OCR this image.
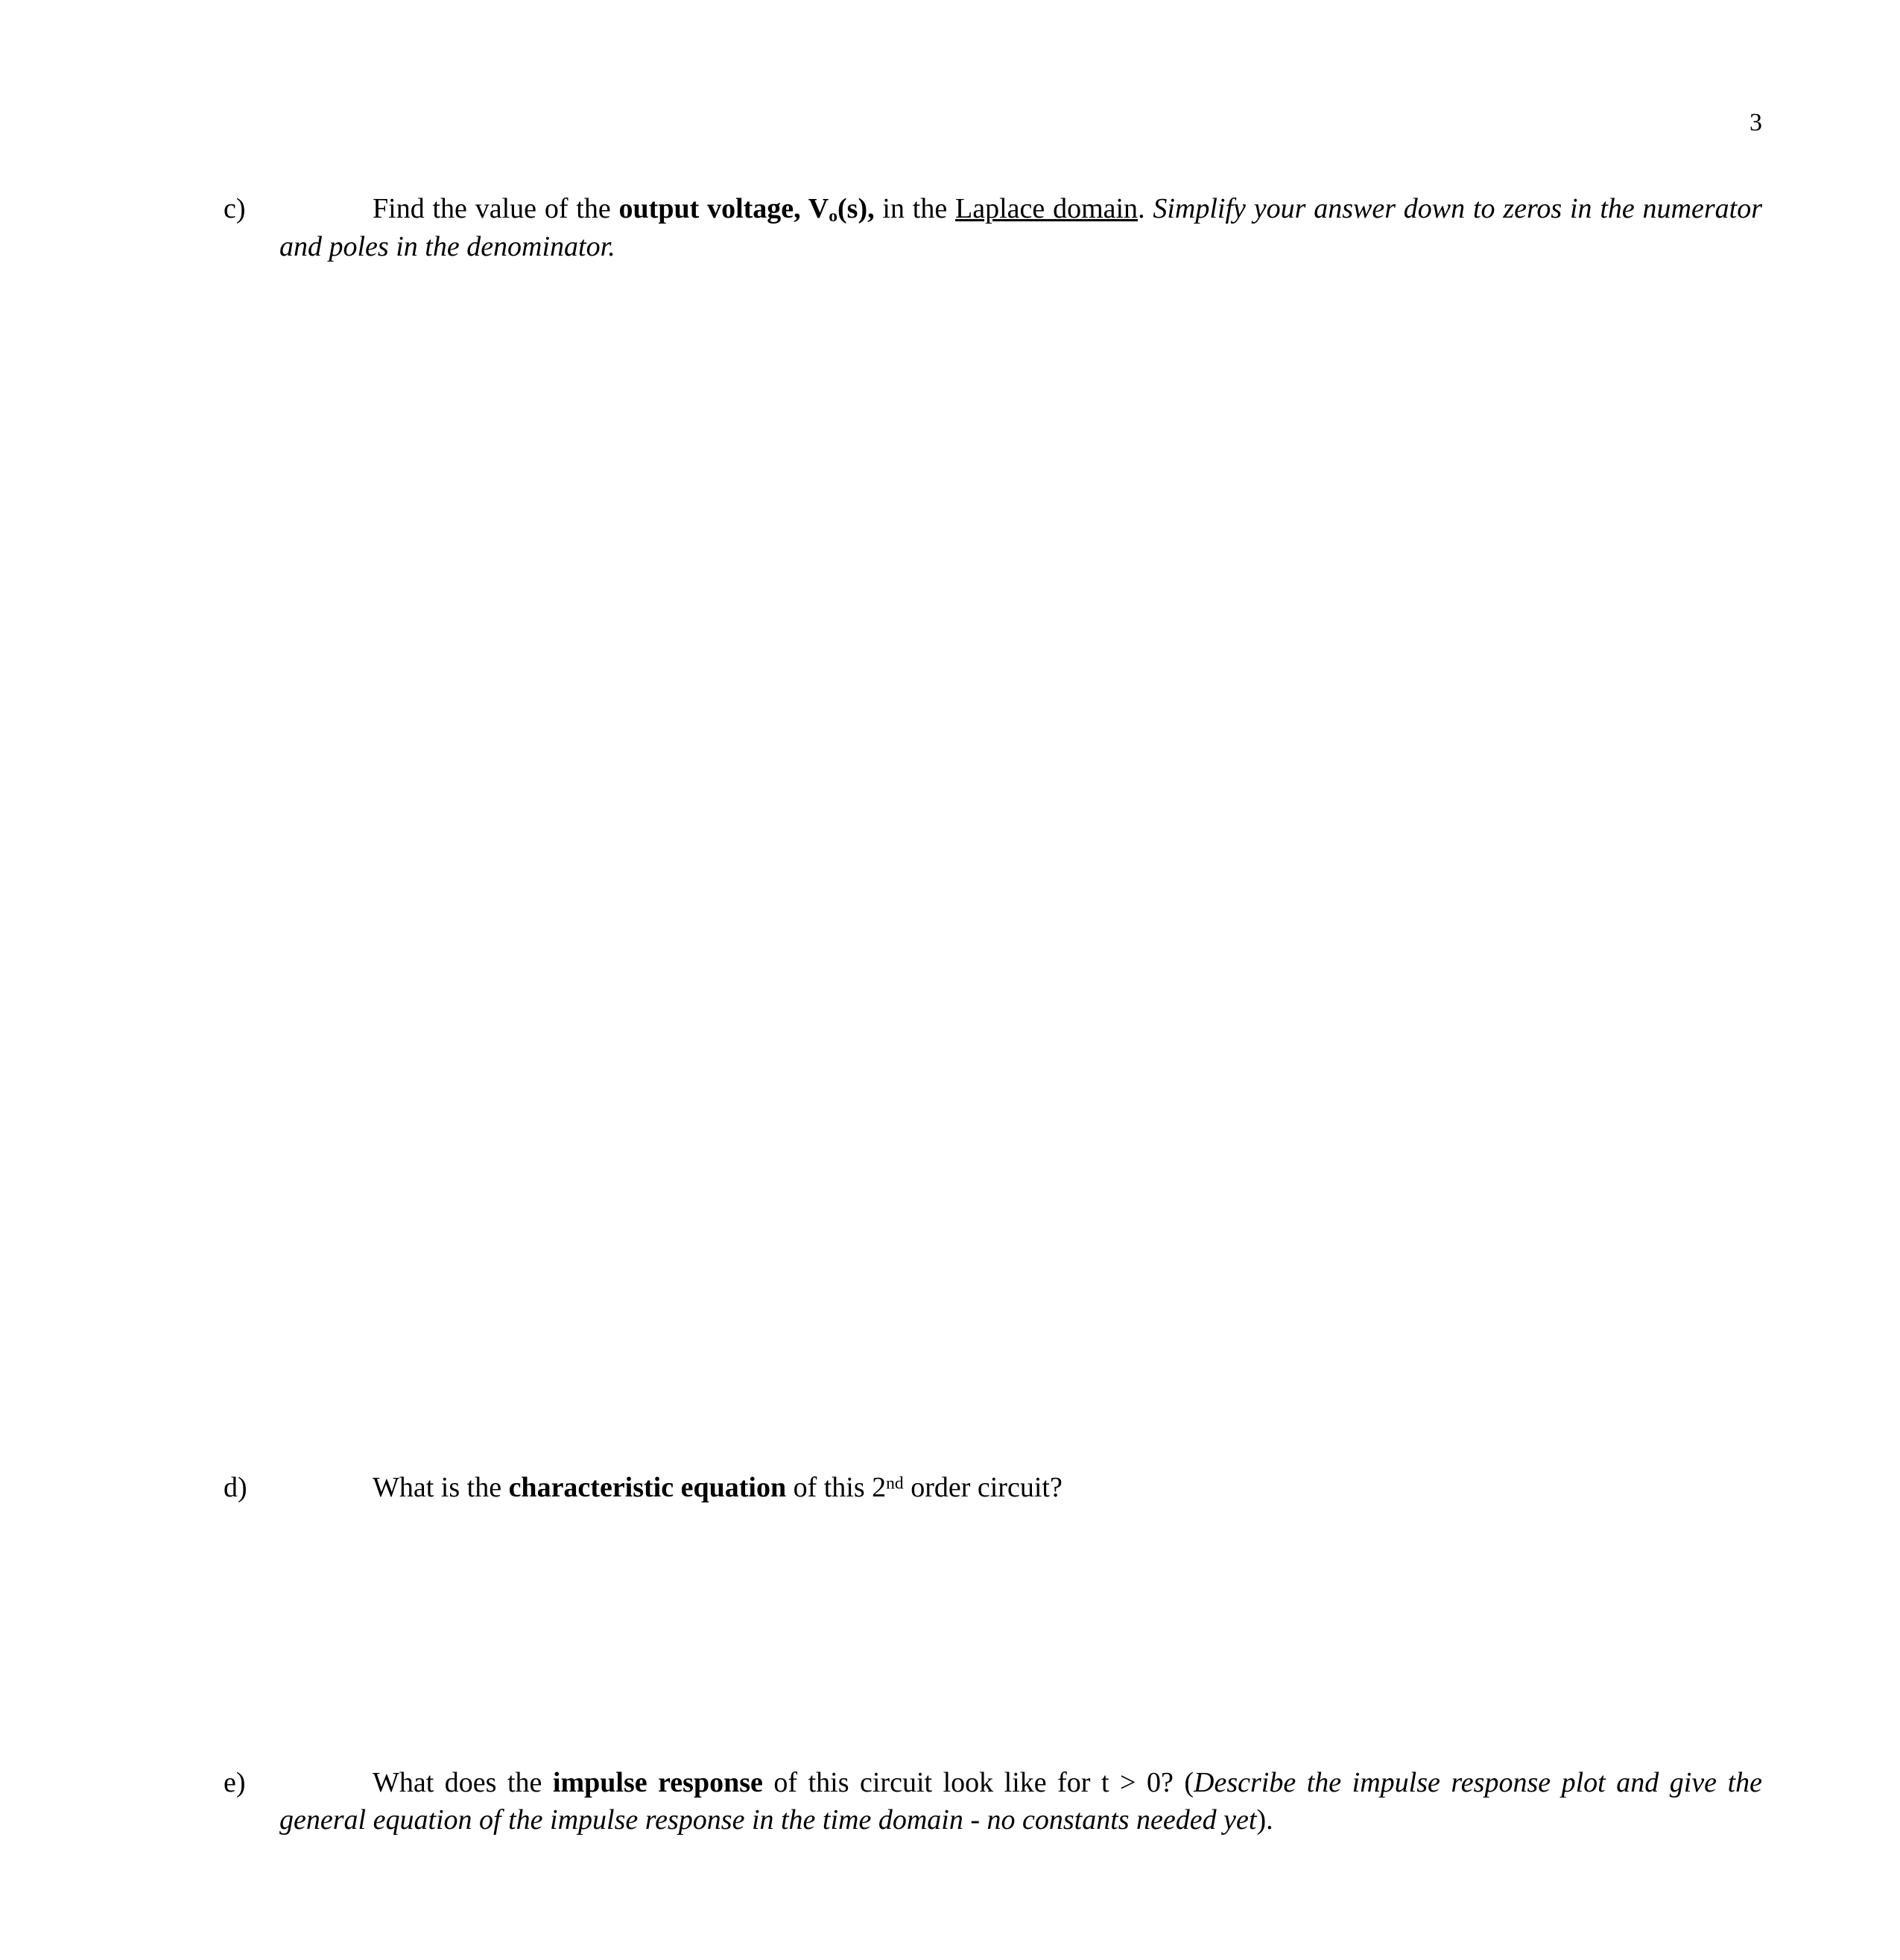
3
c)	Find the value of the output voltage, $V_o(s)$, in the Laplace domain. Simplify your answer down to zeros in the numerator and poles in the denominator.
d)	What is the characteristic equation of this 2nd order circuit?
e)	What does the impulse response of this circuit look like for t > 0? (Describe the impulse response plot and give the general equation of the impulse response in the time domain - no constants needed yet).
